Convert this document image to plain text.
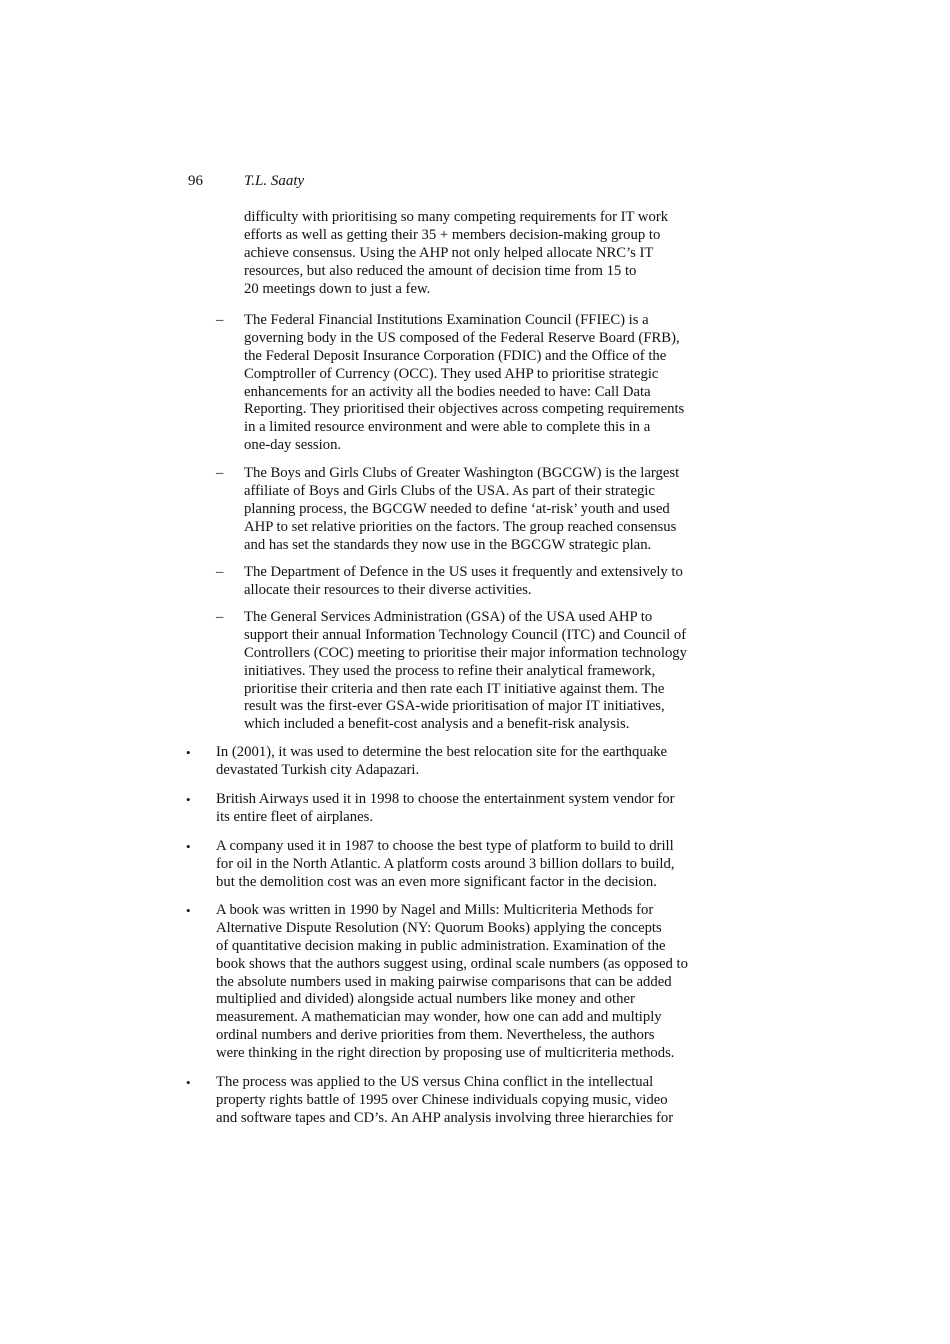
96	T.L. Saaty
difficulty with prioritising so many competing requirements for IT work
efforts as well as getting their 35 + members decision-making group to
achieve consensus. Using the AHP not only helped allocate NRC’s IT
resources, but also reduced the amount of decision time from 15 to
20 meetings down to just a few.
– The Federal Financial Institutions Examination Council (FFIEC) is a
governing body in the US composed of the Federal Reserve Board (FRB),
the Federal Deposit Insurance Corporation (FDIC) and the Office of the
Comptroller of Currency (OCC). They used AHP to prioritise strategic
enhancements for an activity all the bodies needed to have: Call Data
Reporting. They prioritised their objectives across competing requirements
in a limited resource environment and were able to complete this in a
one-day session.
– The Boys and Girls Clubs of Greater Washington (BGCGW) is the largest
affiliate of Boys and Girls Clubs of the USA. As part of their strategic
planning process, the BGCGW needed to define ‘at-risk’ youth and used
AHP to set relative priorities on the factors. The group reached consensus
and has set the standards they now use in the BGCGW strategic plan.
– The Department of Defence in the US uses it frequently and extensively to
allocate their resources to their diverse activities.
– The General Services Administration (GSA) of the USA used AHP to
support their annual Information Technology Council (ITC) and Council of
Controllers (COC) meeting to prioritise their major information technology
initiatives. They used the process to refine their analytical framework,
prioritise their criteria and then rate each IT initiative against them. The
result was the first-ever GSA-wide prioritisation of major IT initiatives,
which included a benefit-cost analysis and a benefit-risk analysis.
• In (2001), it was used to determine the best relocation site for the earthquake
devastated Turkish city Adapazari.
• British Airways used it in 1998 to choose the entertainment system vendor for
its entire fleet of airplanes.
• A company used it in 1987 to choose the best type of platform to build to drill
for oil in the North Atlantic. A platform costs around 3 billion dollars to build,
but the demolition cost was an even more significant factor in the decision.
• A book was written in 1990 by Nagel and Mills: Multicriteria Methods for
Alternative Dispute Resolution (NY: Quorum Books) applying the concepts
of quantitative decision making in public administration. Examination of the
book shows that the authors suggest using, ordinal scale numbers (as opposed to
the absolute numbers used in making pairwise comparisons that can be added
multiplied and divided) alongside actual numbers like money and other
measurement. A mathematician may wonder, how one can add and multiply
ordinal numbers and derive priorities from them. Nevertheless, the authors
were thinking in the right direction by proposing use of multicriteria methods.
• The process was applied to the US versus China conflict in the intellectual
property rights battle of 1995 over Chinese individuals copying music, video
and software tapes and CD’s. An AHP analysis involving three hierarchies for
